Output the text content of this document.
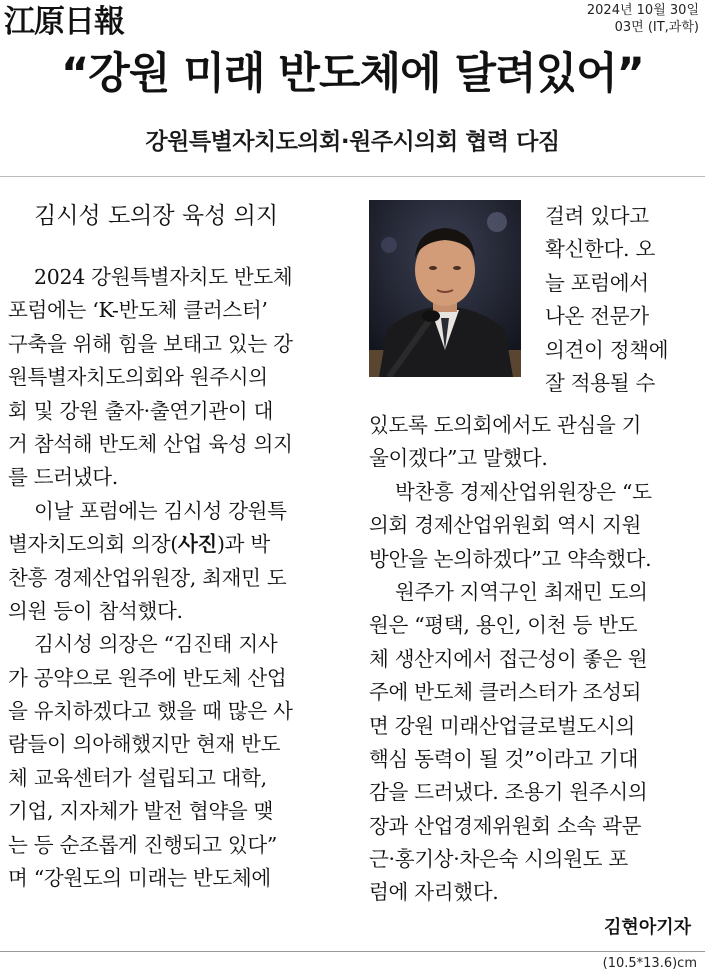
江原日報	2024년 10월 30일
03면 (IT,과학)
“강원 미래 반도체에 달려있어”
강원특별자치도의회·원주시의회 협력 다짐
김시성 도의장 육성 의지
2024 강원특별자치도 반도체
포럼에는 ‘K-반도체 클러스터’
구축을 위해 힘을 보태고 있는 강
원특별자치도의회와 원주시의
회 및 강원 출자·출연기관이 대
거 참석해 반도체 산업 육성 의지
를 드러냈다.
이날 포럼에는 김시성 강원특
별자치도의회 의장(사진)과 박
찬흥 경제산업위원장, 최재민 도
의원 등이 참석했다.
김시성 의장은 “김진태 지사
가 공약으로 원주에 반도체 산업
을 유치하겠다고 했을 때 많은 사
람들이 의아해했지만 현재 반도
체 교육센터가 설립되고 대학,
기업, 지자체가 발전 협약을 맺
는 등 순조롭게 진행되고 있다”
며 “강원도의 미래는 반도체에
걸려 있다고
확신한다. 오
늘 포럼에서
나온 전문가
의견이 정책에
잘 적용될 수
있도록 도의회에서도 관심을 기
울이겠다”고 말했다.
박찬흥 경제산업위원장은 “도
의회 경제산업위원회 역시 지원
방안을 논의하겠다”고 약속했다.
원주가 지역구인 최재민 도의
원은 “평택, 용인, 이천 등 반도
체 생산지에서 접근성이 좋은 원
주에 반도체 클러스터가 조성되
면 강원 미래산업글로벌도시의
핵심 동력이 될 것”이라고 기대
감을 드러냈다. 조용기 원주시의
장과 산업경제위원회 소속 곽문
근·홍기상·차은숙 시의원도 포
럼에 자리했다.
김현아기자
(10.5*13.6)cm
